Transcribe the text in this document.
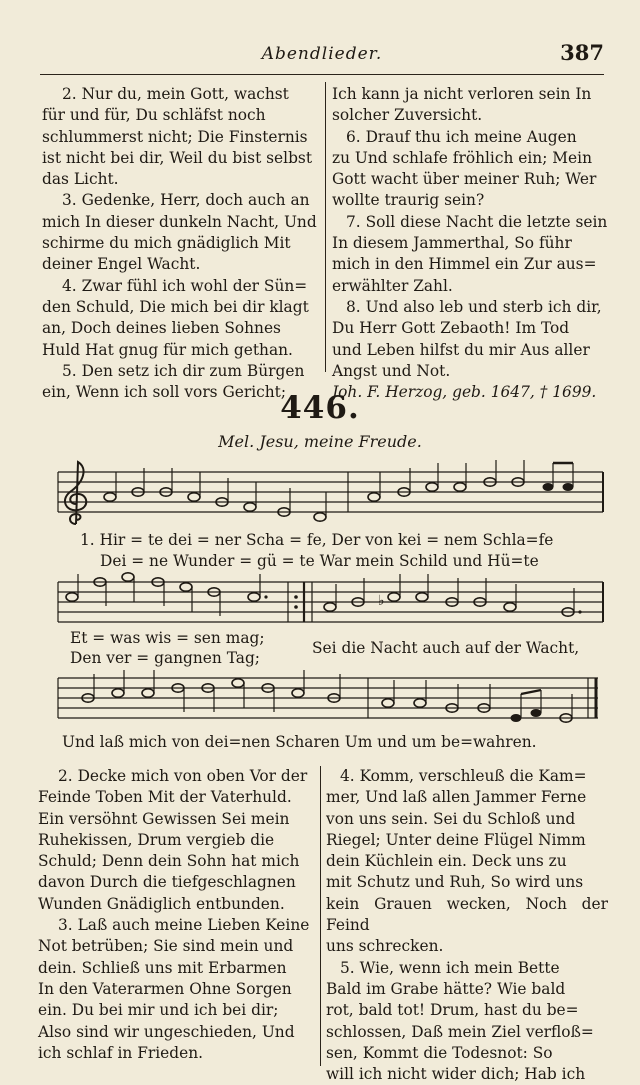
Abendlieder.	387

2. Nur du, mein Gott, wachst

für und für, Du schläfst noch

schlummerst nicht; Die Finsternis

ist nicht bei dir, Weil du bist selbst

das Licht.

3. Gedenke, Herr, doch auch an

mich In dieser dunkeln Nacht, Und

schirme du mich gnädiglich Mit

deiner Engel Wacht.

4. Zwar fühl ich wohl der Sün=

den Schuld, Die mich bei dir klagt

an, Doch deines lieben Sohnes

Huld Hat gnug für mich gethan.

5. Den setz ich dir zum Bürgen

ein, Wenn ich soll vors Gericht;

Ich kann ja nicht verloren sein In

solcher Zuversicht.

6. Drauf thu ich meine Augen

zu Und schlafe fröhlich ein; Mein

Gott wacht über meiner Ruh; Wer

wollte traurig sein?

7. Soll diese Nacht die letzte sein

In diesem Jammerthal, So führ

mich in den Himmel ein Zur aus=

erwählter Zahl.

8. Und also leb und sterb ich dir,

Du Herr Gott Zebaoth! Im Tod

und Leben hilfst du mir Aus aller

Angst und Not.

Joh. F. Herzog, geb. 1647, † 1699.

446.
Mel. Jesu, meine Freude.
1. Hir = te dei = ner Scha = fe, Der von kei = nem Schla=fe
Dei = ne Wunder = gü = te War mein Schild und Hü=te
♭
Et = was wis = sen mag;
Den ver = gangnen Tag;
Sei die Nacht auch auf der Wacht,
Und laß mich von dei=nen Scharen Um und um be=wahren.

2. Decke mich von oben Vor der

Feinde Toben Mit der Vaterhuld.

Ein versöhnt Gewissen Sei mein

Ruhekissen, Drum vergieb die

Schuld; Denn dein Sohn hat mich

davon Durch die tiefgeschlagnen

Wunden Gnädiglich entbunden.

3. Laß auch meine Lieben Keine

Not betrüben; Sie sind mein und

dein. Schließ uns mit Erbarmen

In den Vaterarmen Ohne Sorgen

ein. Du bei mir und ich bei dir;

Also sind wir ungeschieden, Und

ich schlaf in Frieden.

4. Komm, verschleuß die Kam=

mer, Und laß allen Jammer Ferne

von uns sein. Sei du Schloß und

Riegel; Unter deine Flügel Nimm

dein Küchlein ein. Deck uns zu

mit Schutz und Ruh, So wird uns

kein Grauen wecken, Noch der Feind

uns schrecken.

5. Wie, wenn ich mein Bette

Bald im Grabe hätte? Wie bald

rot, bald tot! Drum, hast du be=

schlossen, Daß mein Ziel verfloß=

sen, Kommt die Todesnot: So

will ich nicht wider dich; Hab ich
